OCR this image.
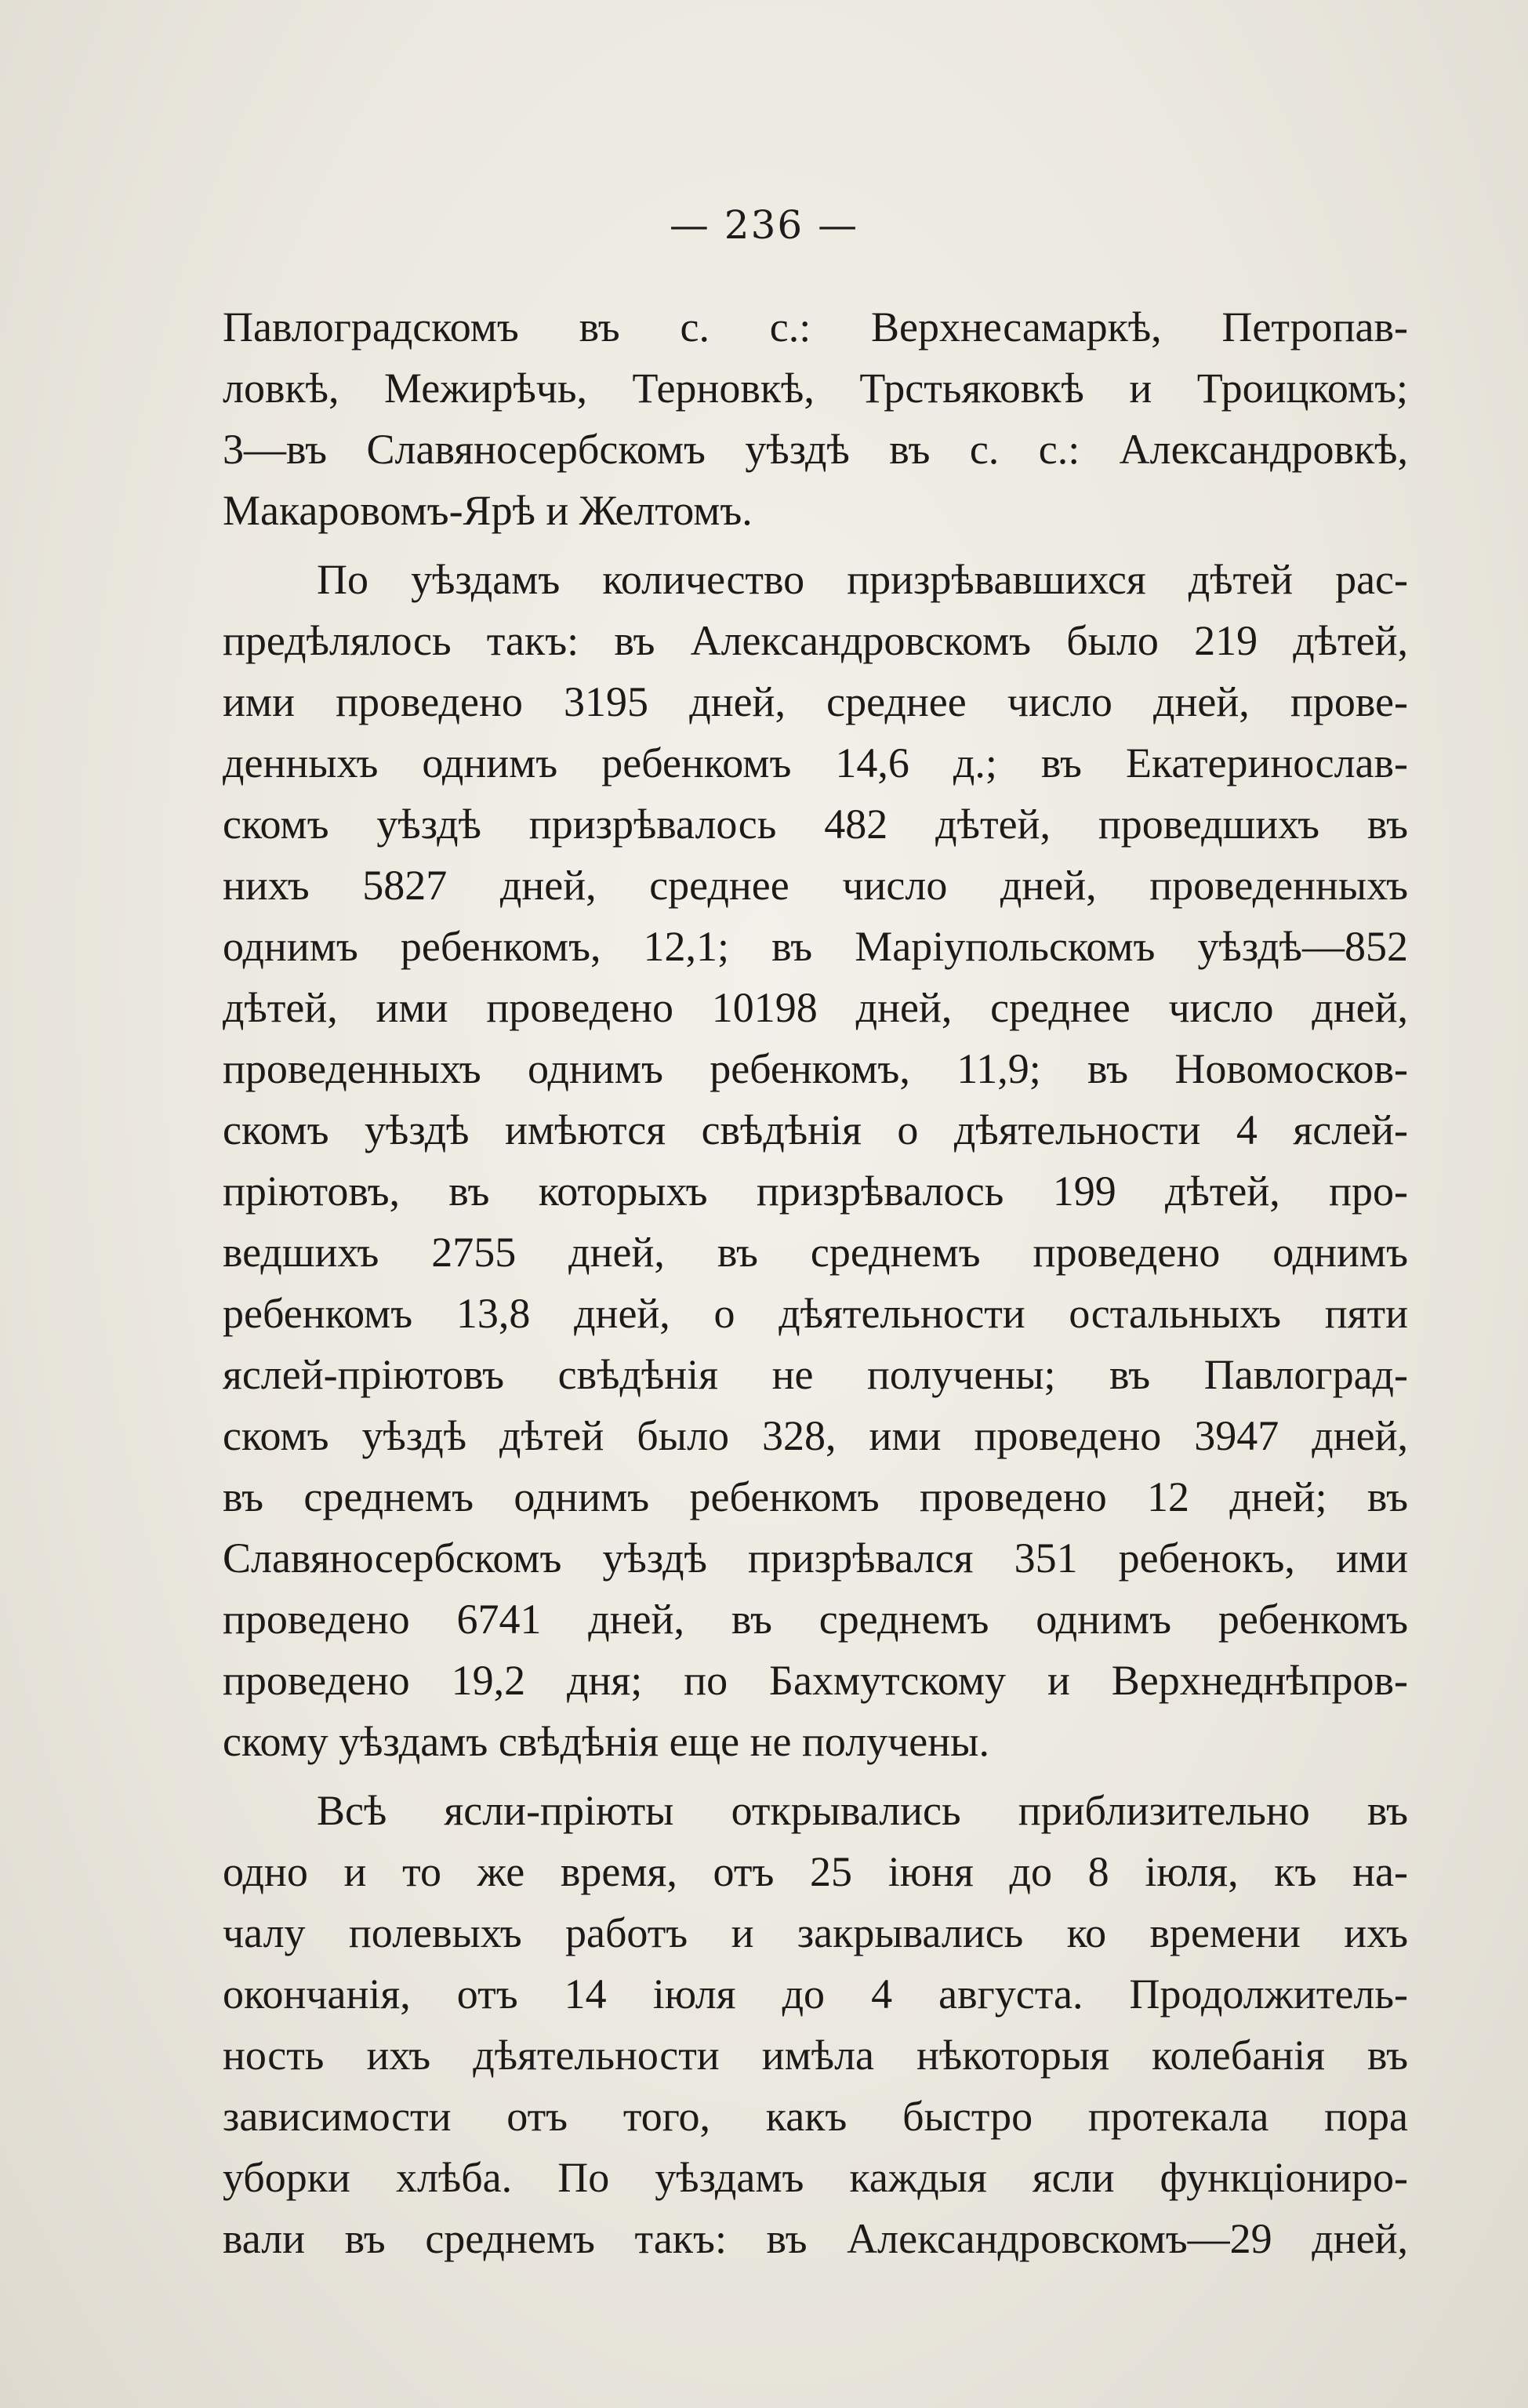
— 236 —
Павлоградскомъ въ с. с.: Верхнесамаркѣ, Петропав-
ловкѣ, Межирѣчь, Терновкѣ, Трстьяковкѣ и Троицкомъ;
3—въ Славяносербскомъ уѣздѣ въ с. с.: Александровкѣ,
Макаровомъ-Ярѣ и Желтомъ.
По уѣздамъ количество призрѣвавшихся дѣтей рас-
предѣлялось такъ: въ Александровскомъ было 219 дѣтей,
ими проведено 3195 дней, среднее число дней, прове-
денныхъ однимъ ребенкомъ 14,6 д.; въ Екатеринослав-
скомъ уѣздѣ призрѣвалось 482 дѣтей, проведшихъ въ
нихъ 5827 дней, среднее число дней, проведенныхъ
однимъ ребенкомъ, 12,1; въ Маріупольскомъ уѣздѣ—852
дѣтей, ими проведено 10198 дней, среднее число дней,
проведенныхъ однимъ ребенкомъ, 11,9; въ Новомосков-
скомъ уѣздѣ имѣются свѣдѣнія о дѣятельности 4 яслей-
пріютовъ, въ которыхъ призрѣвалось 199 дѣтей, про-
ведшихъ 2755 дней, въ среднемъ проведено однимъ
ребенкомъ 13,8 дней, о дѣятельности остальныхъ пяти
яслей-пріютовъ свѣдѣнія не получены; въ Павлоград-
скомъ уѣздѣ дѣтей было 328, ими проведено 3947 дней,
въ среднемъ однимъ ребенкомъ проведено 12 дней; въ
Славяносербскомъ уѣздѣ призрѣвался 351 ребенокъ, ими
проведено 6741 дней, въ среднемъ однимъ ребенкомъ
проведено 19,2 дня; по Бахмутскому и Верхнеднѣпров-
скому уѣздамъ свѣдѣнія еще не получены.
Всѣ ясли-пріюты открывались приблизительно въ
одно и то же время, отъ 25 іюня до 8 іюля, къ на-
чалу полевыхъ работъ и закрывались ко времени ихъ
окончанія, отъ 14 іюля до 4 августа. Продолжитель-
ность ихъ дѣятельности имѣла нѣкоторыя колебанія въ
зависимости отъ того, какъ быстро протекала пора
уборки хлѣба. По уѣздамъ каждыя ясли функціониро-
вали въ среднемъ такъ: въ Александровскомъ—29 дней,
